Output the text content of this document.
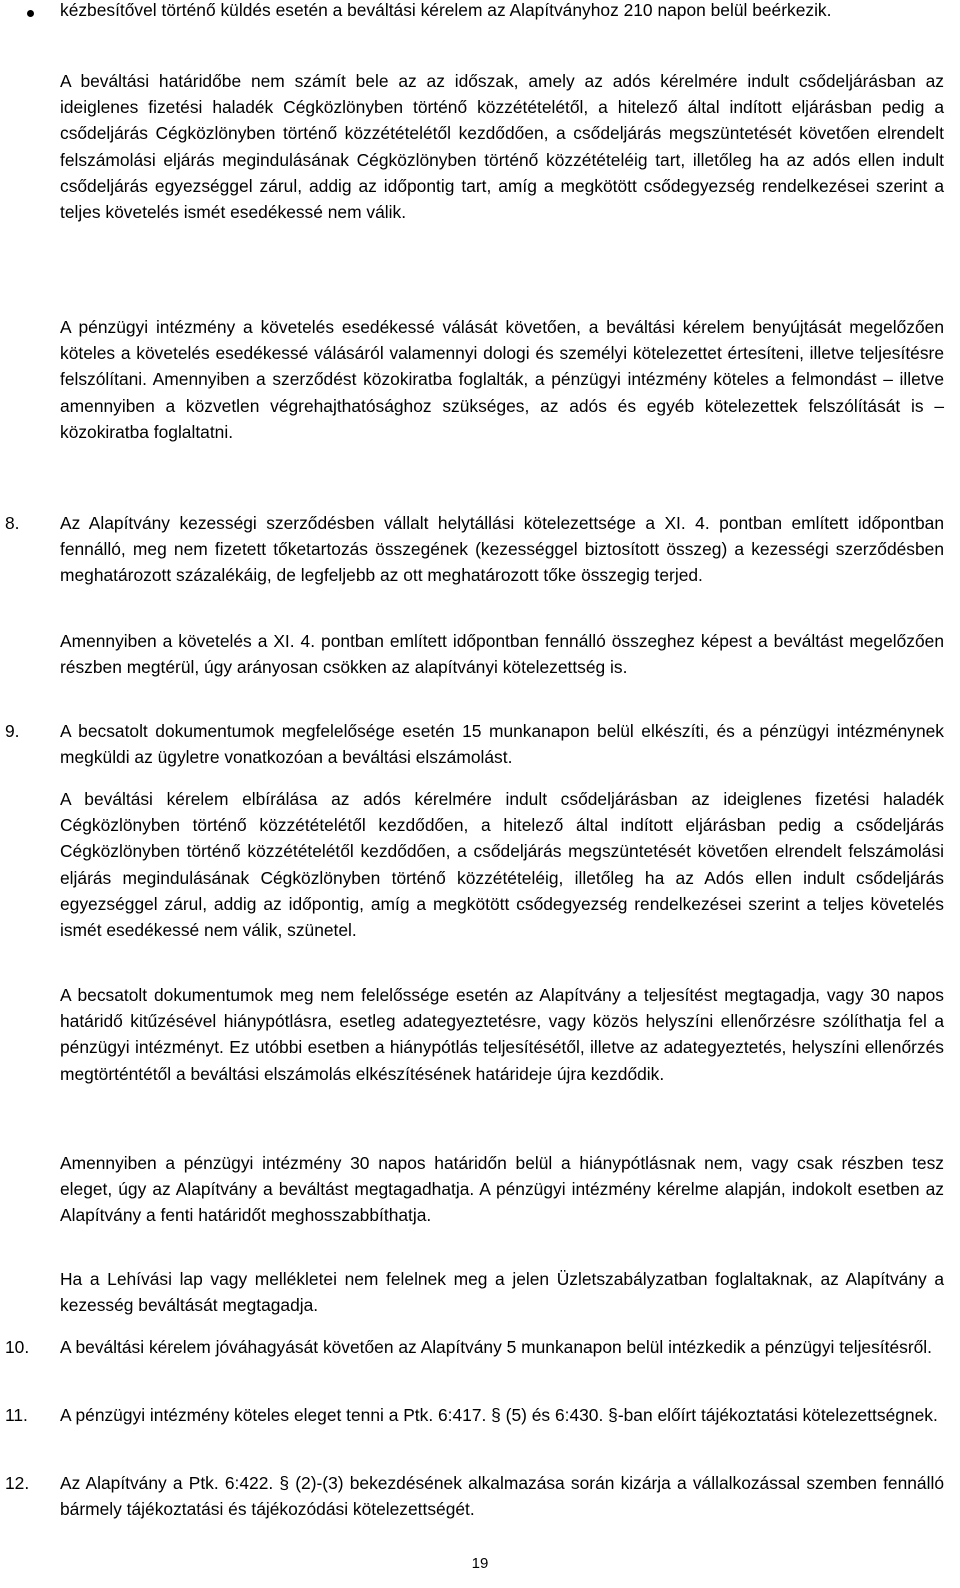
kézbesítővel történő küldés esetén a beváltási kérelem az Alapítványhoz 210 napon belül beérkezik.

A beváltási határidőbe nem számít bele az az időszak, amely az adós kérelmére indult csődeljárásban az ideiglenes fizetési haladék Cégközlönyben történő közzétételétől, a hitelező által indított eljárásban pedig a csődeljárás Cégközlönyben történő közzétételétől kezdődően, a csődeljárás megszüntetését követően elrendelt felszámolási eljárás megindulásának Cégközlönyben történő közzétételéig tart, illetőleg ha az adós ellen indult csődeljárás egyezséggel zárul, addig az időpontig tart, amíg a megkötött csődegyezség rendelkezései szerint a teljes követelés ismét esedékessé nem válik.

A pénzügyi intézmény a követelés esedékessé válását követően, a beváltási kérelem benyújtását megelőzően köteles a követelés esedékessé válásáról valamennyi dologi és személyi kötelezettet értesíteni, illetve teljesítésre felszólítani. Amennyiben a szerződést közokiratba foglalták, a pénzügyi intézmény köteles a felmondást – illetve amennyiben a közvetlen végrehajthatósághoz szükséges, az adós és egyéb kötelezettek felszólítását is – közokiratba foglaltatni.

8. Az Alapítvány kezességi szerződésben vállalt helytállási kötelezettsége a XI. 4. pontban említett időpontban fennálló, meg nem fizetett tőketartozás összegének (kezességgel biztosított összeg) a kezességi szerződésben meghatározott százalékáig, de legfeljebb az ott meghatározott tőke összegig terjed.

Amennyiben a követelés a XI. 4. pontban említett időpontban fennálló összeghez képest a beváltást megelőzően részben megtérül, úgy arányosan csökken az alapítványi kötelezettség is.

9. A becsatolt dokumentumok megfelelősége esetén 15 munkanapon belül elkészíti, és a pénzügyi intézménynek megküldi az ügyletre vonatkozóan a beváltási elszámolást.

A beváltási kérelem elbírálása az adós kérelmére indult csődeljárásban az ideiglenes fizetési haladék Cégközlönyben történő közzétételétől kezdődően, a hitelező által indított eljárásban pedig a csődeljárás Cégközlönyben történő közzétételétől kezdődően, a csődeljárás megszüntetését követően elrendelt felszámolási eljárás megindulásának Cégközlönyben történő közzétételéig, illetőleg ha az Adós ellen indult csődeljárás egyezséggel zárul, addig az időpontig, amíg a megkötött csődegyezség rendelkezései szerint a teljes követelés ismét esedékessé nem válik, szünetel.

A becsatolt dokumentumok meg nem felelőssége esetén az Alapítvány a teljesítést megtagadja, vagy 30 napos határidő kitűzésével hiánypótlásra, esetleg adategyeztetésre, vagy közös helyszíni ellenőrzésre szólíthatja fel a pénzügyi intézményt. Ez utóbbi esetben a hiánypótlás teljesítésétől, illetve az adategyeztetés, helyszíni ellenőrzés megtörténtétől a beváltási elszámolás elkészítésének határideje újra kezdődik.

Amennyiben a pénzügyi intézmény 30 napos határidőn belül a hiánypótlásnak nem, vagy csak részben tesz eleget, úgy az Alapítvány a beváltást megtagadhatja. A pénzügyi intézmény kérelme alapján, indokolt esetben az Alapítvány a fenti határidőt meghosszabbíthatja.

Ha a Lehívási lap vagy mellékletei nem felelnek meg a jelen Üzletszabályzatban foglaltaknak, az Alapítvány a kezesség beváltását megtagadja.

10. A beváltási kérelem jóváhagyását követően az Alapítvány 5 munkanapon belül intézkedik a pénzügyi teljesítésről.

11. A pénzügyi intézmény köteles eleget tenni a Ptk. 6:417. § (5) és 6:430. §-ban előírt tájékoztatási kötelezettségnek.

12. Az Alapítvány a Ptk. 6:422. § (2)-(3) bekezdésének alkalmazása során kizárja a vállalkozással szemben fennálló bármely tájékoztatási és tájékozódási kötelezettségét.

19
